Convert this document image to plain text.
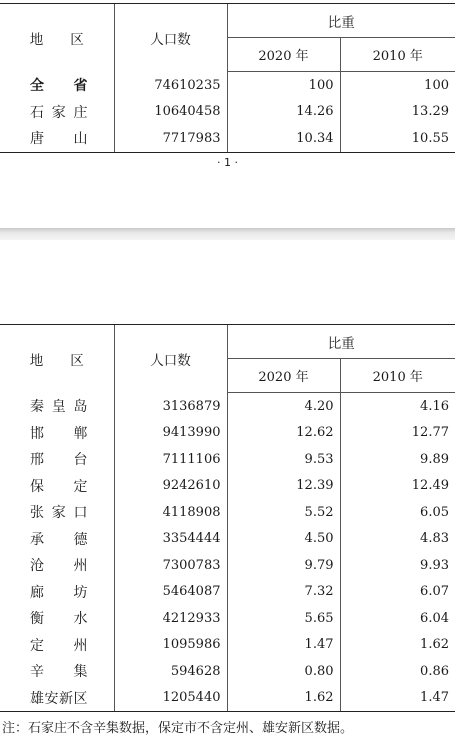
地　　区	人口数	比重	
		2020 年	2010 年
全省	74610235	100	100
石家庄	10640458	14.26	13.29
唐山	7717983	10.34	10.55
· 1 ·
地　　区	人口数	比重	
		2020 年	2010 年
秦皇岛	3136879	4.20	4.16
邯郸	9413990	12.62	12.77
邢台	7111106	9.53	9.89
保定	9242610	12.39	12.49
张家口	4118908	5.52	6.05
承德	3354444	4.50	4.83
沧州	7300783	9.79	9.93
廊坊	5464087	7.32	6.07
衡水	4212933	5.65	6.04
定州	1095986	1.47	1.62
辛集	594628	0.80	0.86
雄安新区	1205440	1.62	1.47
注：石家庄不含辛集数据，保定市不含定州、雄安新区数据。
